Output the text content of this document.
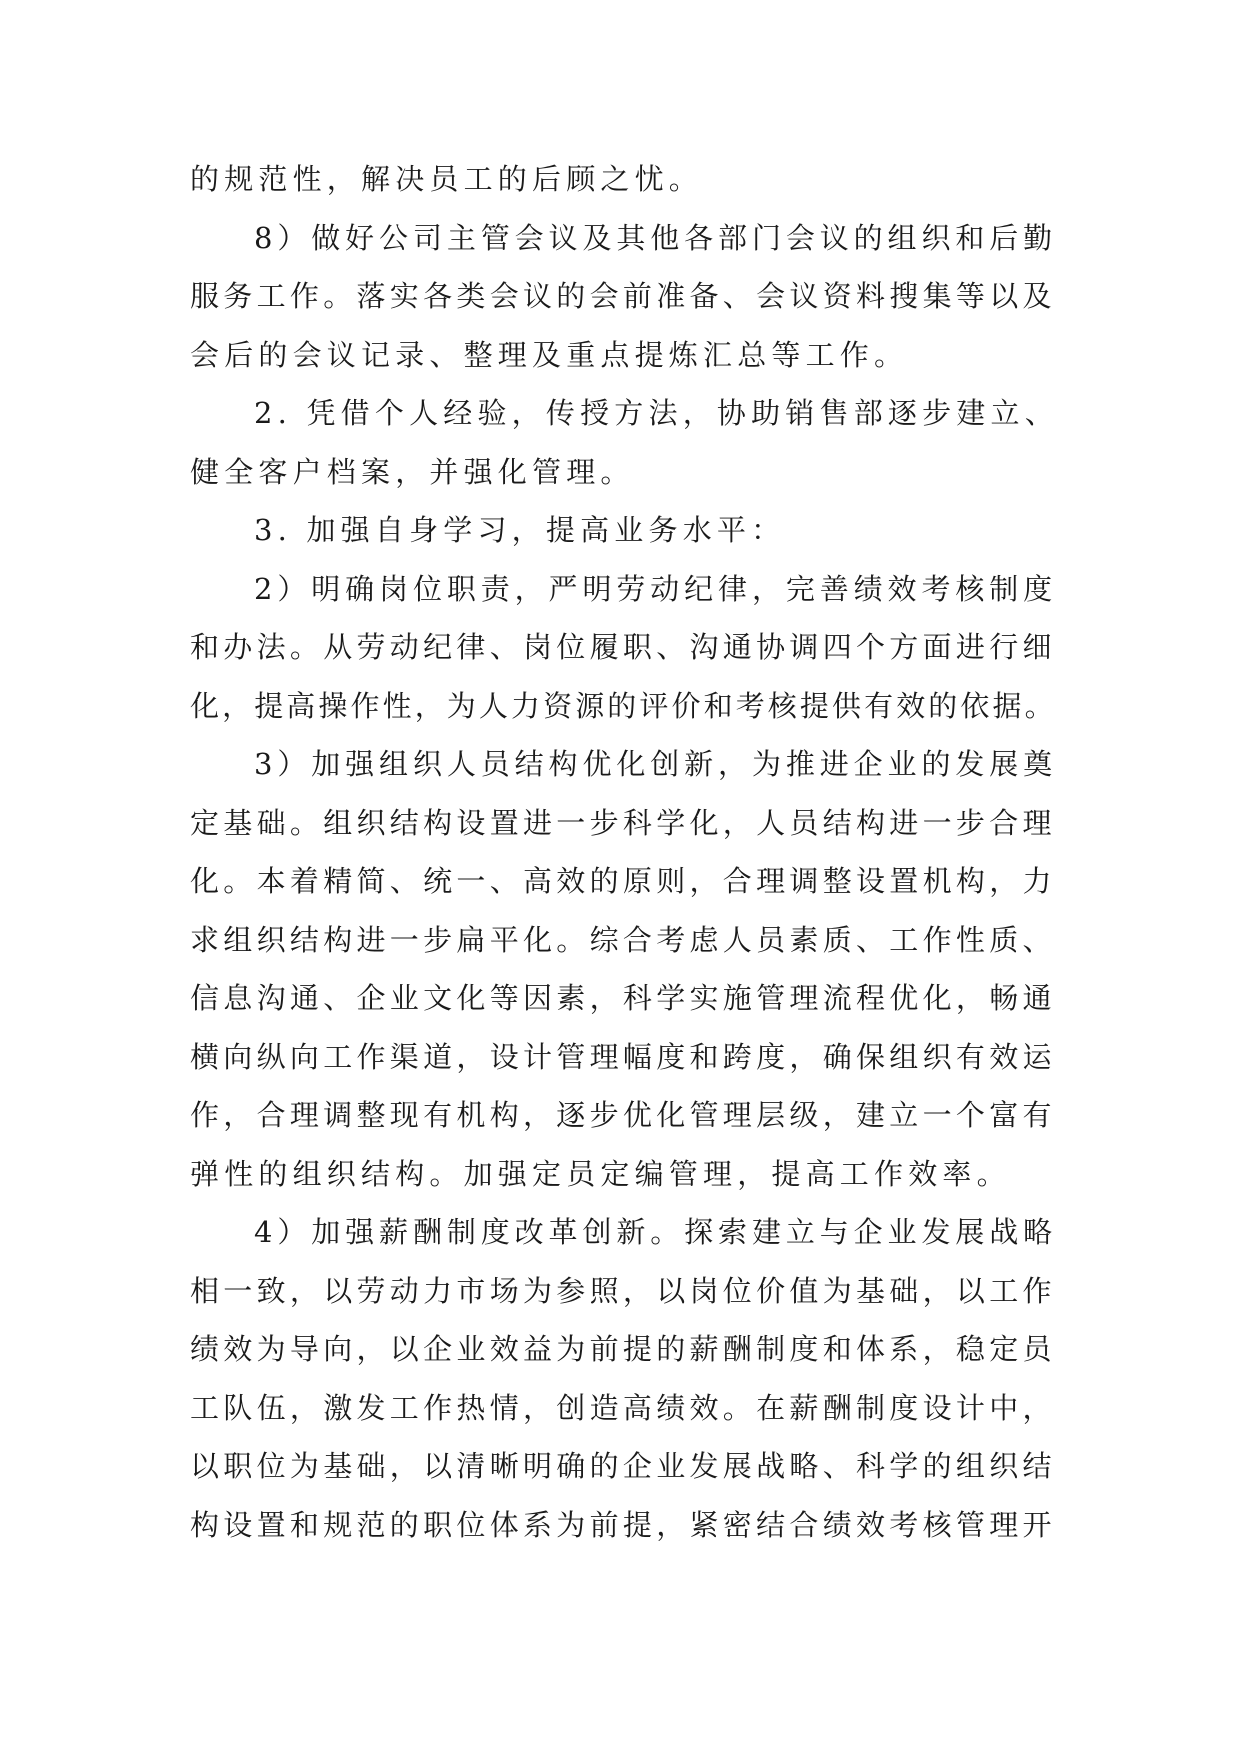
的规范性，解决员工的后顾之忧。

8）做好公司主管会议及其他各部门会议的组织和后勤
服务工作。落实各类会议的会前准备、会议资料搜集等以及
会后的会议记录、整理及重点提炼汇总等工作。

2. 凭借个人经验，传授方法，协助销售部逐步建立、
健全客户档案，并强化管理。

3. 加强自身学习，提高业务水平：

2）明确岗位职责，严明劳动纪律，完善绩效考核制度
和办法。从劳动纪律、岗位履职、沟通协调四个方面进行细
化，提高操作性，为人力资源的评价和考核提供有效的依据。

3）加强组织人员结构优化创新，为推进企业的发展奠
定基础。组织结构设置进一步科学化，人员结构进一步合理
化。本着精简、统一、高效的原则，合理调整设置机构，力
求组织结构进一步扁平化。综合考虑人员素质、工作性质、
信息沟通、企业文化等因素，科学实施管理流程优化，畅通
横向纵向工作渠道，设计管理幅度和跨度，确保组织有效运
作，合理调整现有机构，逐步优化管理层级，建立一个富有
弹性的组织结构。加强定员定编管理，提高工作效率。

4）加强薪酬制度改革创新。探索建立与企业发展战略
相一致，以劳动力市场为参照，以岗位价值为基础，以工作
绩效为导向，以企业效益为前提的薪酬制度和体系，稳定员
工队伍，激发工作热情，创造高绩效。在薪酬制度设计中，
以职位为基础，以清晰明确的企业发展战略、科学的组织结
构设置和规范的职位体系为前提，紧密结合绩效考核管理开
